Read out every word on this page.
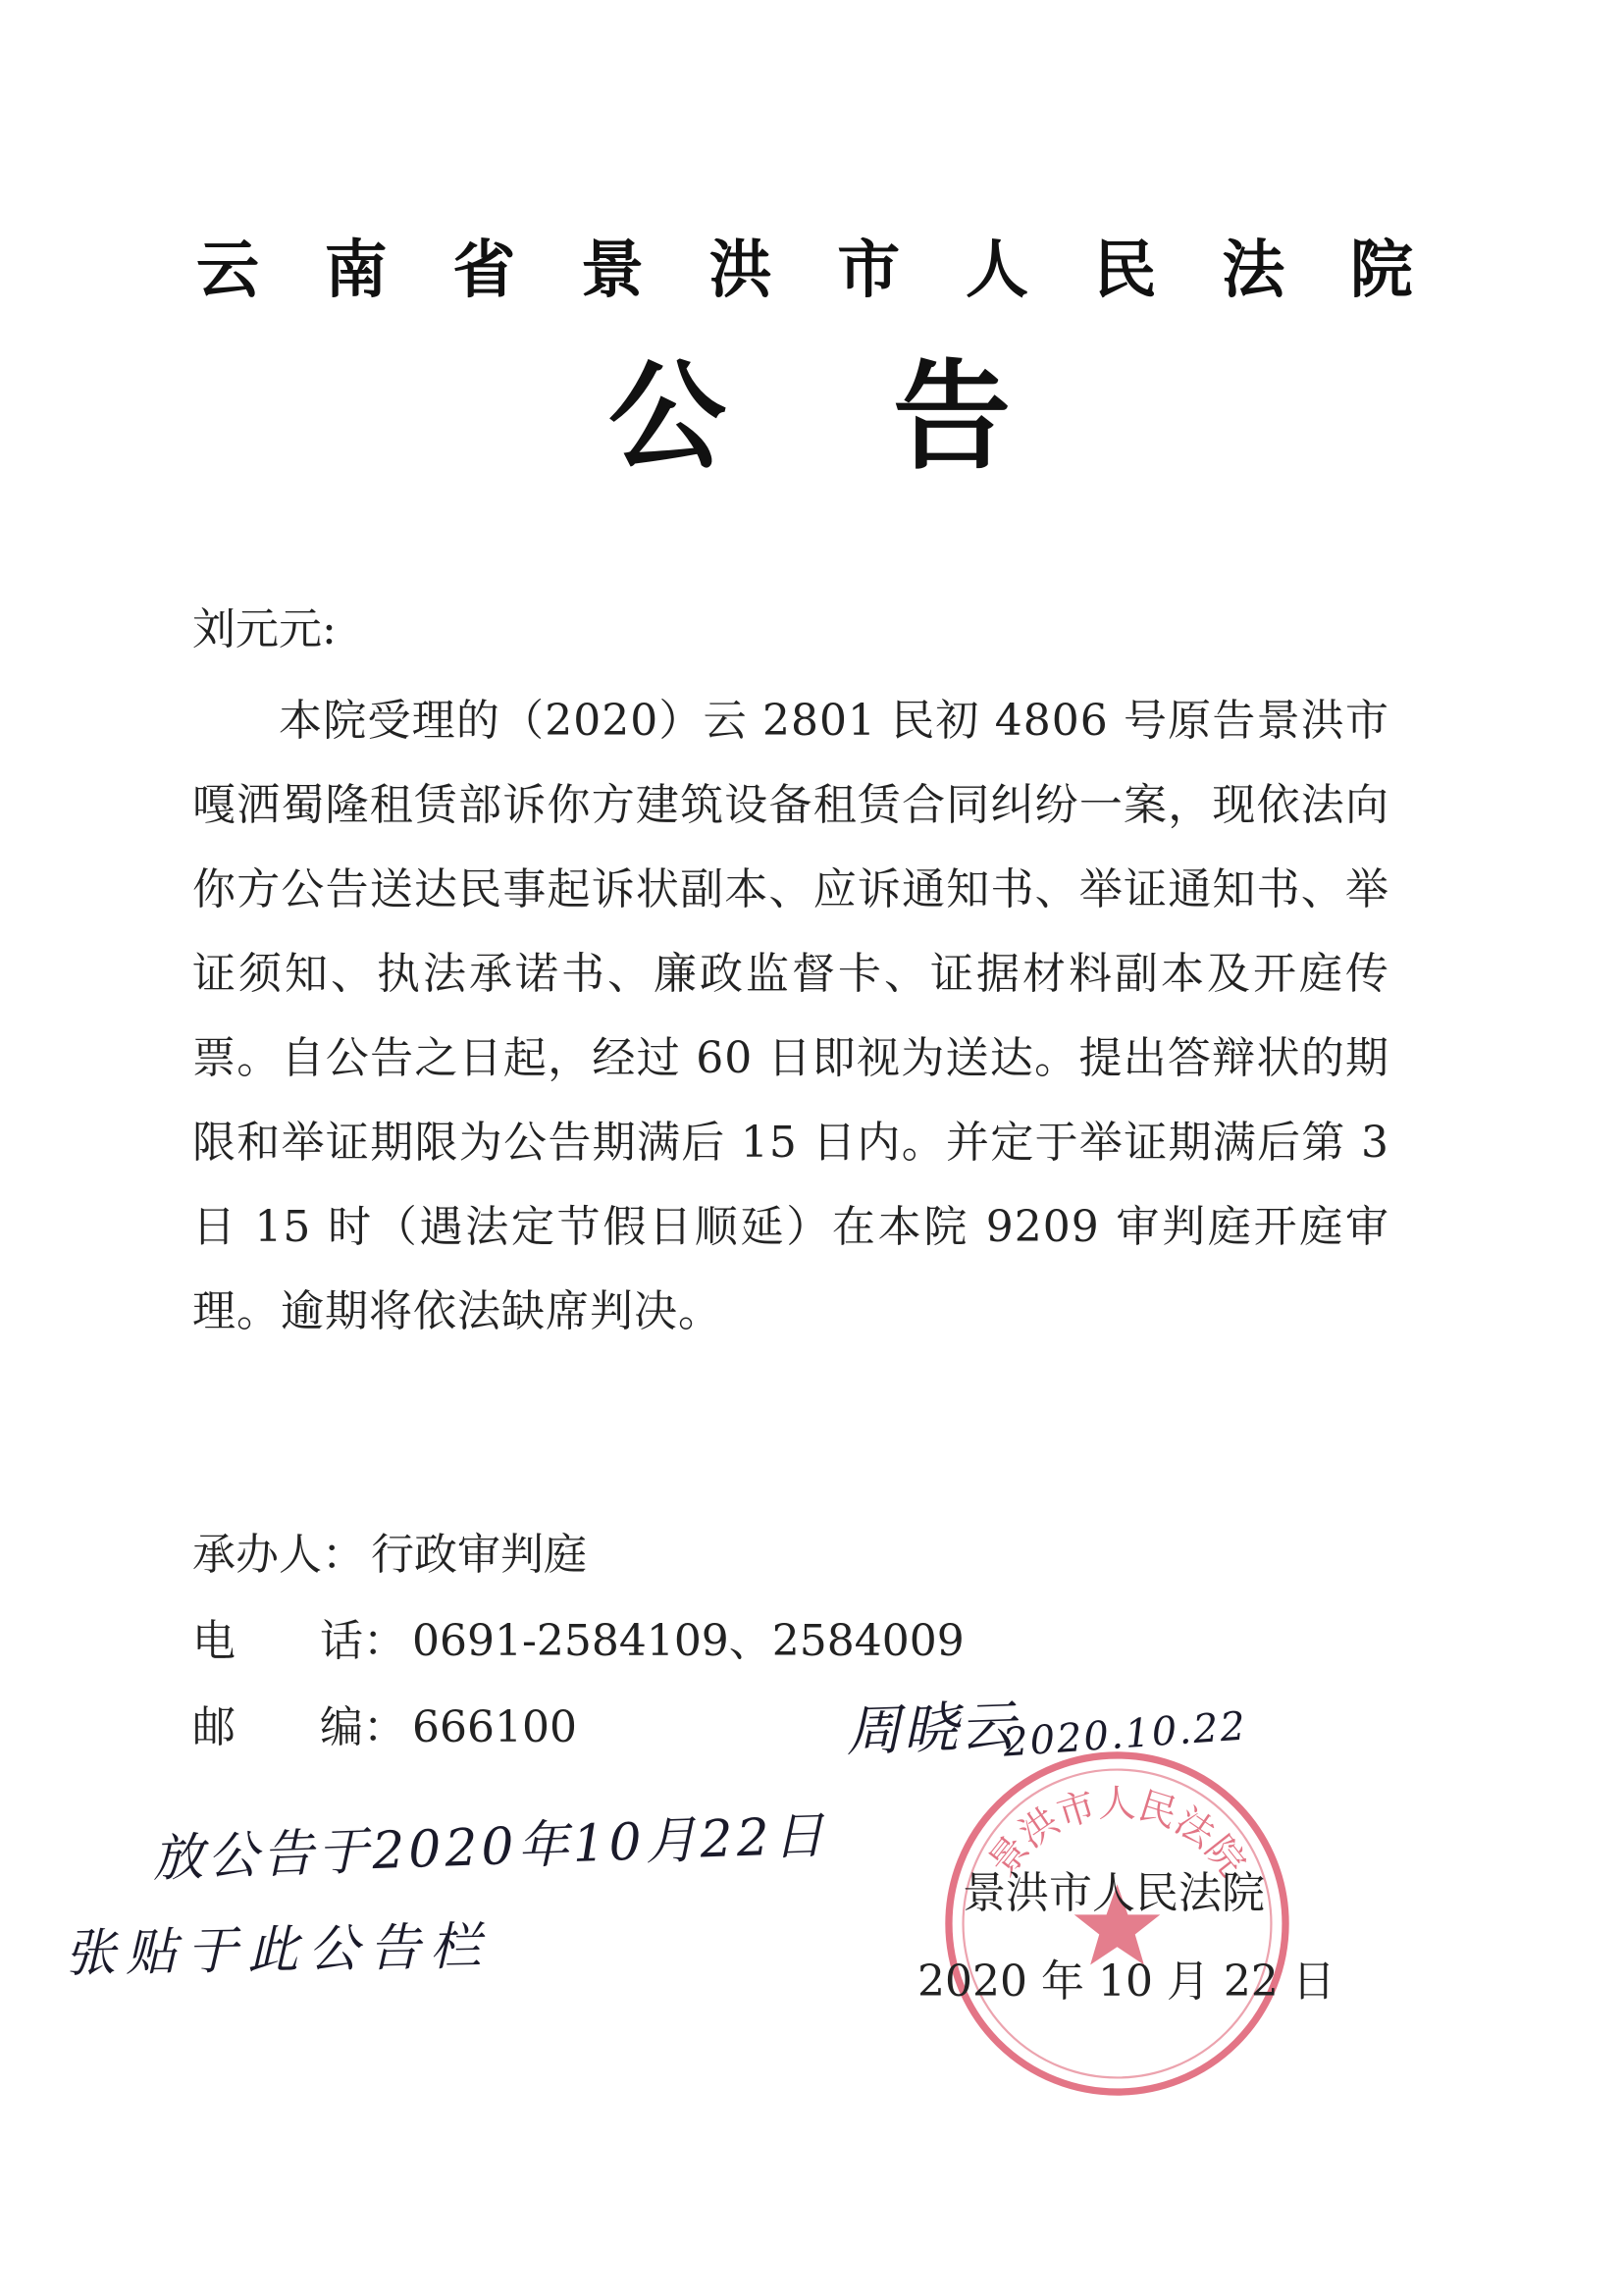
云 南 省 景 洪 市 人 民 法 院
公 告
刘元元:
本院受理的（2020）云 2801 民初 4806 号原告景洪市嘎洒蜀隆租赁部诉你方建筑设备租赁合同纠纷一案，现依法向你方公告送达民事起诉状副本、应诉通知书、举证通知书、举证须知、执法承诺书、廉政监督卡、证据材料副本及开庭传票。自公告之日起，经过 60 日即视为送达。提出答辩状的期限和举证期限为公告期满后 15 日内。并定于举证期满后第 3 日 15 时（遇法定节假日顺延）在本院 9209 审判庭开庭审理。逾期将依法缺席判决。
承办人 ： 行政审判庭
电 话 ： 0691-2584109、2584009
邮 编 ： 666100	周晓云
2020.10.22
放公告于2020年10月22日
张贴于此公告栏
景洪市人民法院
景洪市人民法院
2020 年 10 月 22 日
